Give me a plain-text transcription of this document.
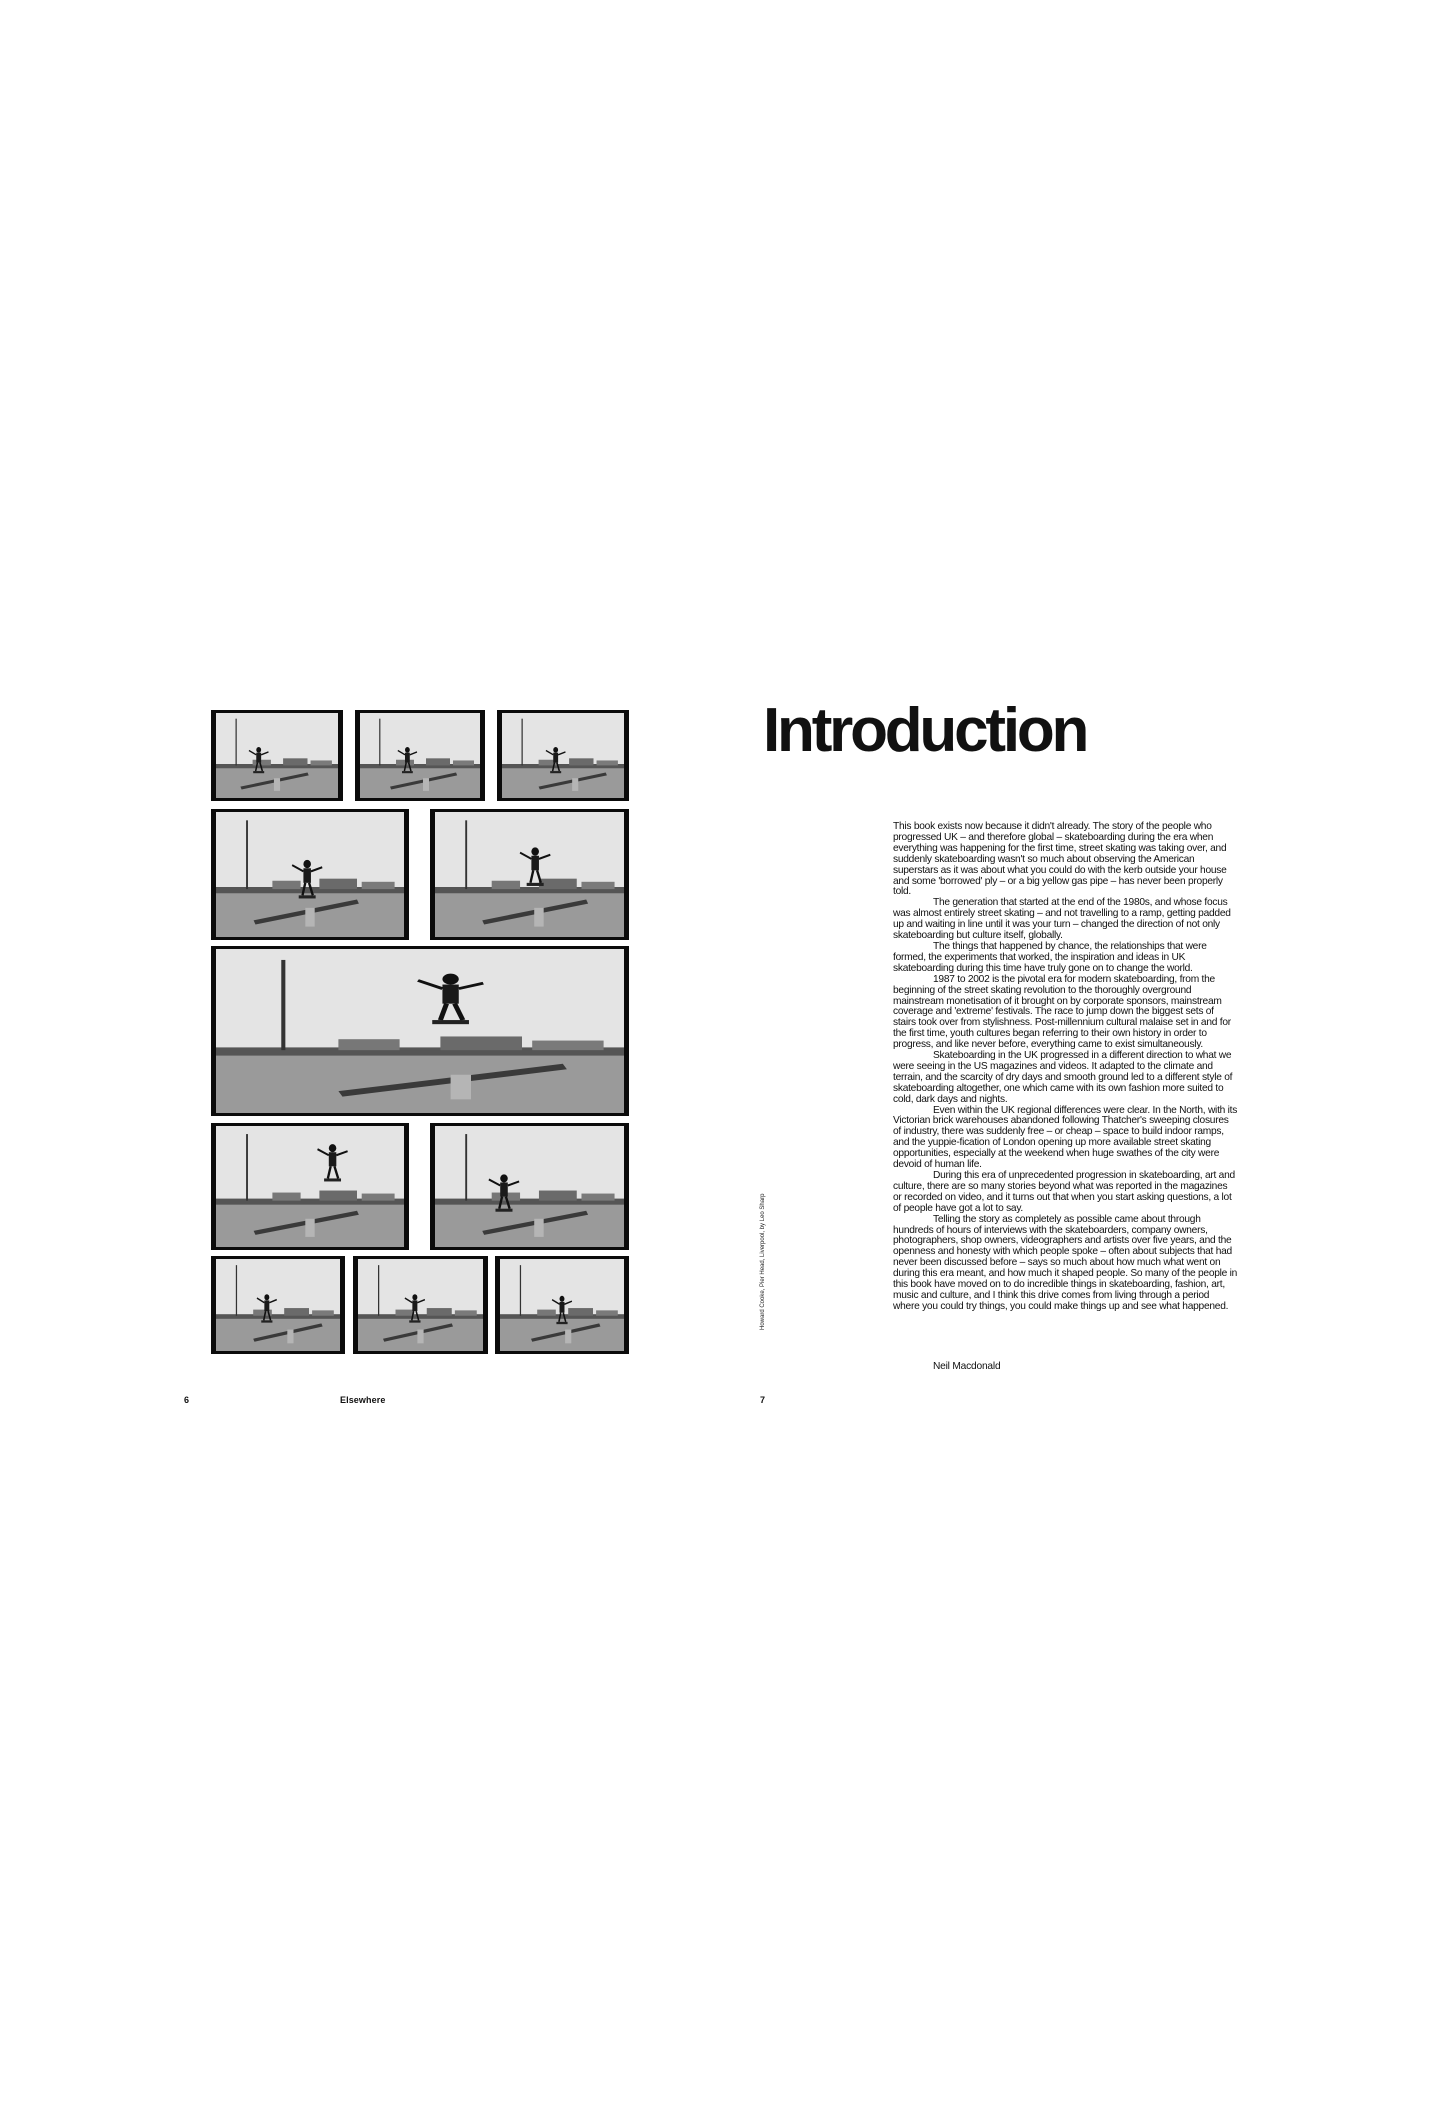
6	Elsewhere
Introduction
Howard Cooke, Pier Head, Liverpool, by Leo Sharp

This book exists now because it didn't already. The story of the people who progressed UK – and therefore global – skateboarding during the era when everything was happening for the first time, street skating was taking over, and suddenly skateboarding wasn't so much about observing the American superstars as it was about what you could do with the kerb outside your house and some 'borrowed' ply – or a big yellow gas pipe – has never been properly told.

The generation that started at the end of the 1980s, and whose focus was almost entirely street skating – and not travelling to a ramp, getting padded up and waiting in line until it was your turn – changed the direction of not only skateboarding but culture itself, globally.

The things that happened by chance, the relationships that were formed, the experiments that worked, the inspiration and ideas in UK skateboarding during this time have truly gone on to change the world.

1987 to 2002 is the pivotal era for modern skateboarding, from the beginning of the street skating revolution to the thoroughly overground mainstream monetisation of it brought on by corporate sponsors, mainstream coverage and 'extreme' festivals. The race to jump down the biggest sets of stairs took over from stylishness. Post-millennium cultural malaise set in and for the first time, youth cultures began referring to their own history in order to progress, and like never before, everything came to exist simultaneously.

Skateboarding in the UK progressed in a different direction to what we were seeing in the US magazines and videos. It adapted to the climate and terrain, and the scarcity of dry days and smooth ground led to a different style of skateboarding altogether, one which came with its own fashion more suited to cold, dark days and nights.

Even within the UK regional differences were clear. In the North, with its Victorian brick warehouses abandoned following Thatcher's sweeping closures of industry, there was suddenly free – or cheap – space to build indoor ramps, and the yuppie-fication of London opening up more available street skating opportunities, especially at the weekend when huge swathes of the city were devoid of human life.

During this era of unprecedented progression in skateboarding, art and culture, there are so many stories beyond what was reported in the magazines or recorded on video, and it turns out that when you start asking questions, a lot of people have got a lot to say.

Telling the story as completely as possible came about through hundreds of hours of interviews with the skateboarders, company owners, photographers, shop owners, videographers and artists over five years, and the openness and honesty with which people spoke – often about subjects that had never been discussed before – says so much about how much what went on during this era meant, and how much it shaped people. So many of the people in this book have moved on to do incredible things in skateboarding, fashion, art, music and culture, and I think this drive comes from living through a period where you could try things, you could make things up and see what happened.

Neil Macdonald
7
